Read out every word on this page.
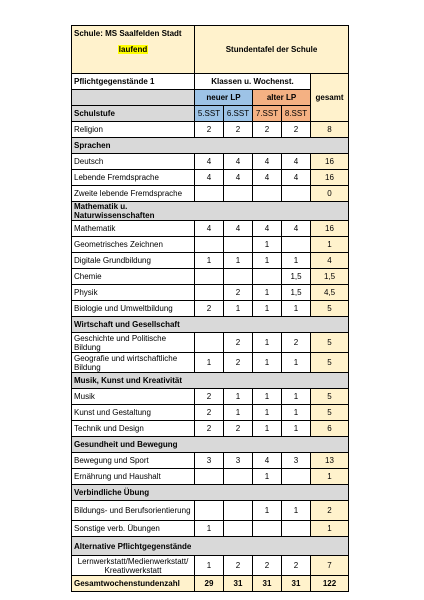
Schule: MS Saalfelden Stadt
laufend	Stundentafel der Schule				
Pflichtgegenstände 1	Klassen u. Wochenst.				gesamt
	neuer LP		alter LP		
Schulstufe	5.SST	6.SST	7.SST	8.SST	
Religion	2	2	2	2	8
Sprachen					
Deutsch	4	4	4	4	16
Lebende Fremdsprache	4	4	4	4	16
Zweite lebende Fremdsprache					0
Mathematik u. Naturwissenschaften					
Mathematik	4	4	4	4	16
Geometrisches Zeichnen			1		1
Digitale Grundbildung	1	1	1	1	4
Chemie				1,5	1,5
Physik		2	1	1,5	4,5
Biologie und Umweltbildung	2	1	1	1	5
Wirtschaft und Gesellschaft					
Geschichte und Politische Bildung		2	1	2	5
Geografie und wirtschaftliche Bildung	1	2	1	1	5
Musik, Kunst und Kreativität					
Musik	2	1	1	1	5
Kunst und Gestaltung	2	1	1	1	5
Technik und Design	2	2	1	1	6
Gesundheit und Bewegung					
Bewegung und Sport	3	3	4	3	13
Ernährung und Haushalt			1		1
Verbindliche Übung					
Bildungs- und Berufsorientierung			1	1	2
Sonstige verb. Übungen	1				1
Alternative Pflichtgegenstände					
Lernwerkstatt/Medienwerkstatt/ Kreativwerkstatt	1	2	2	2	7
Gesamtwochenstundenzahl	29	31	31	31	122
